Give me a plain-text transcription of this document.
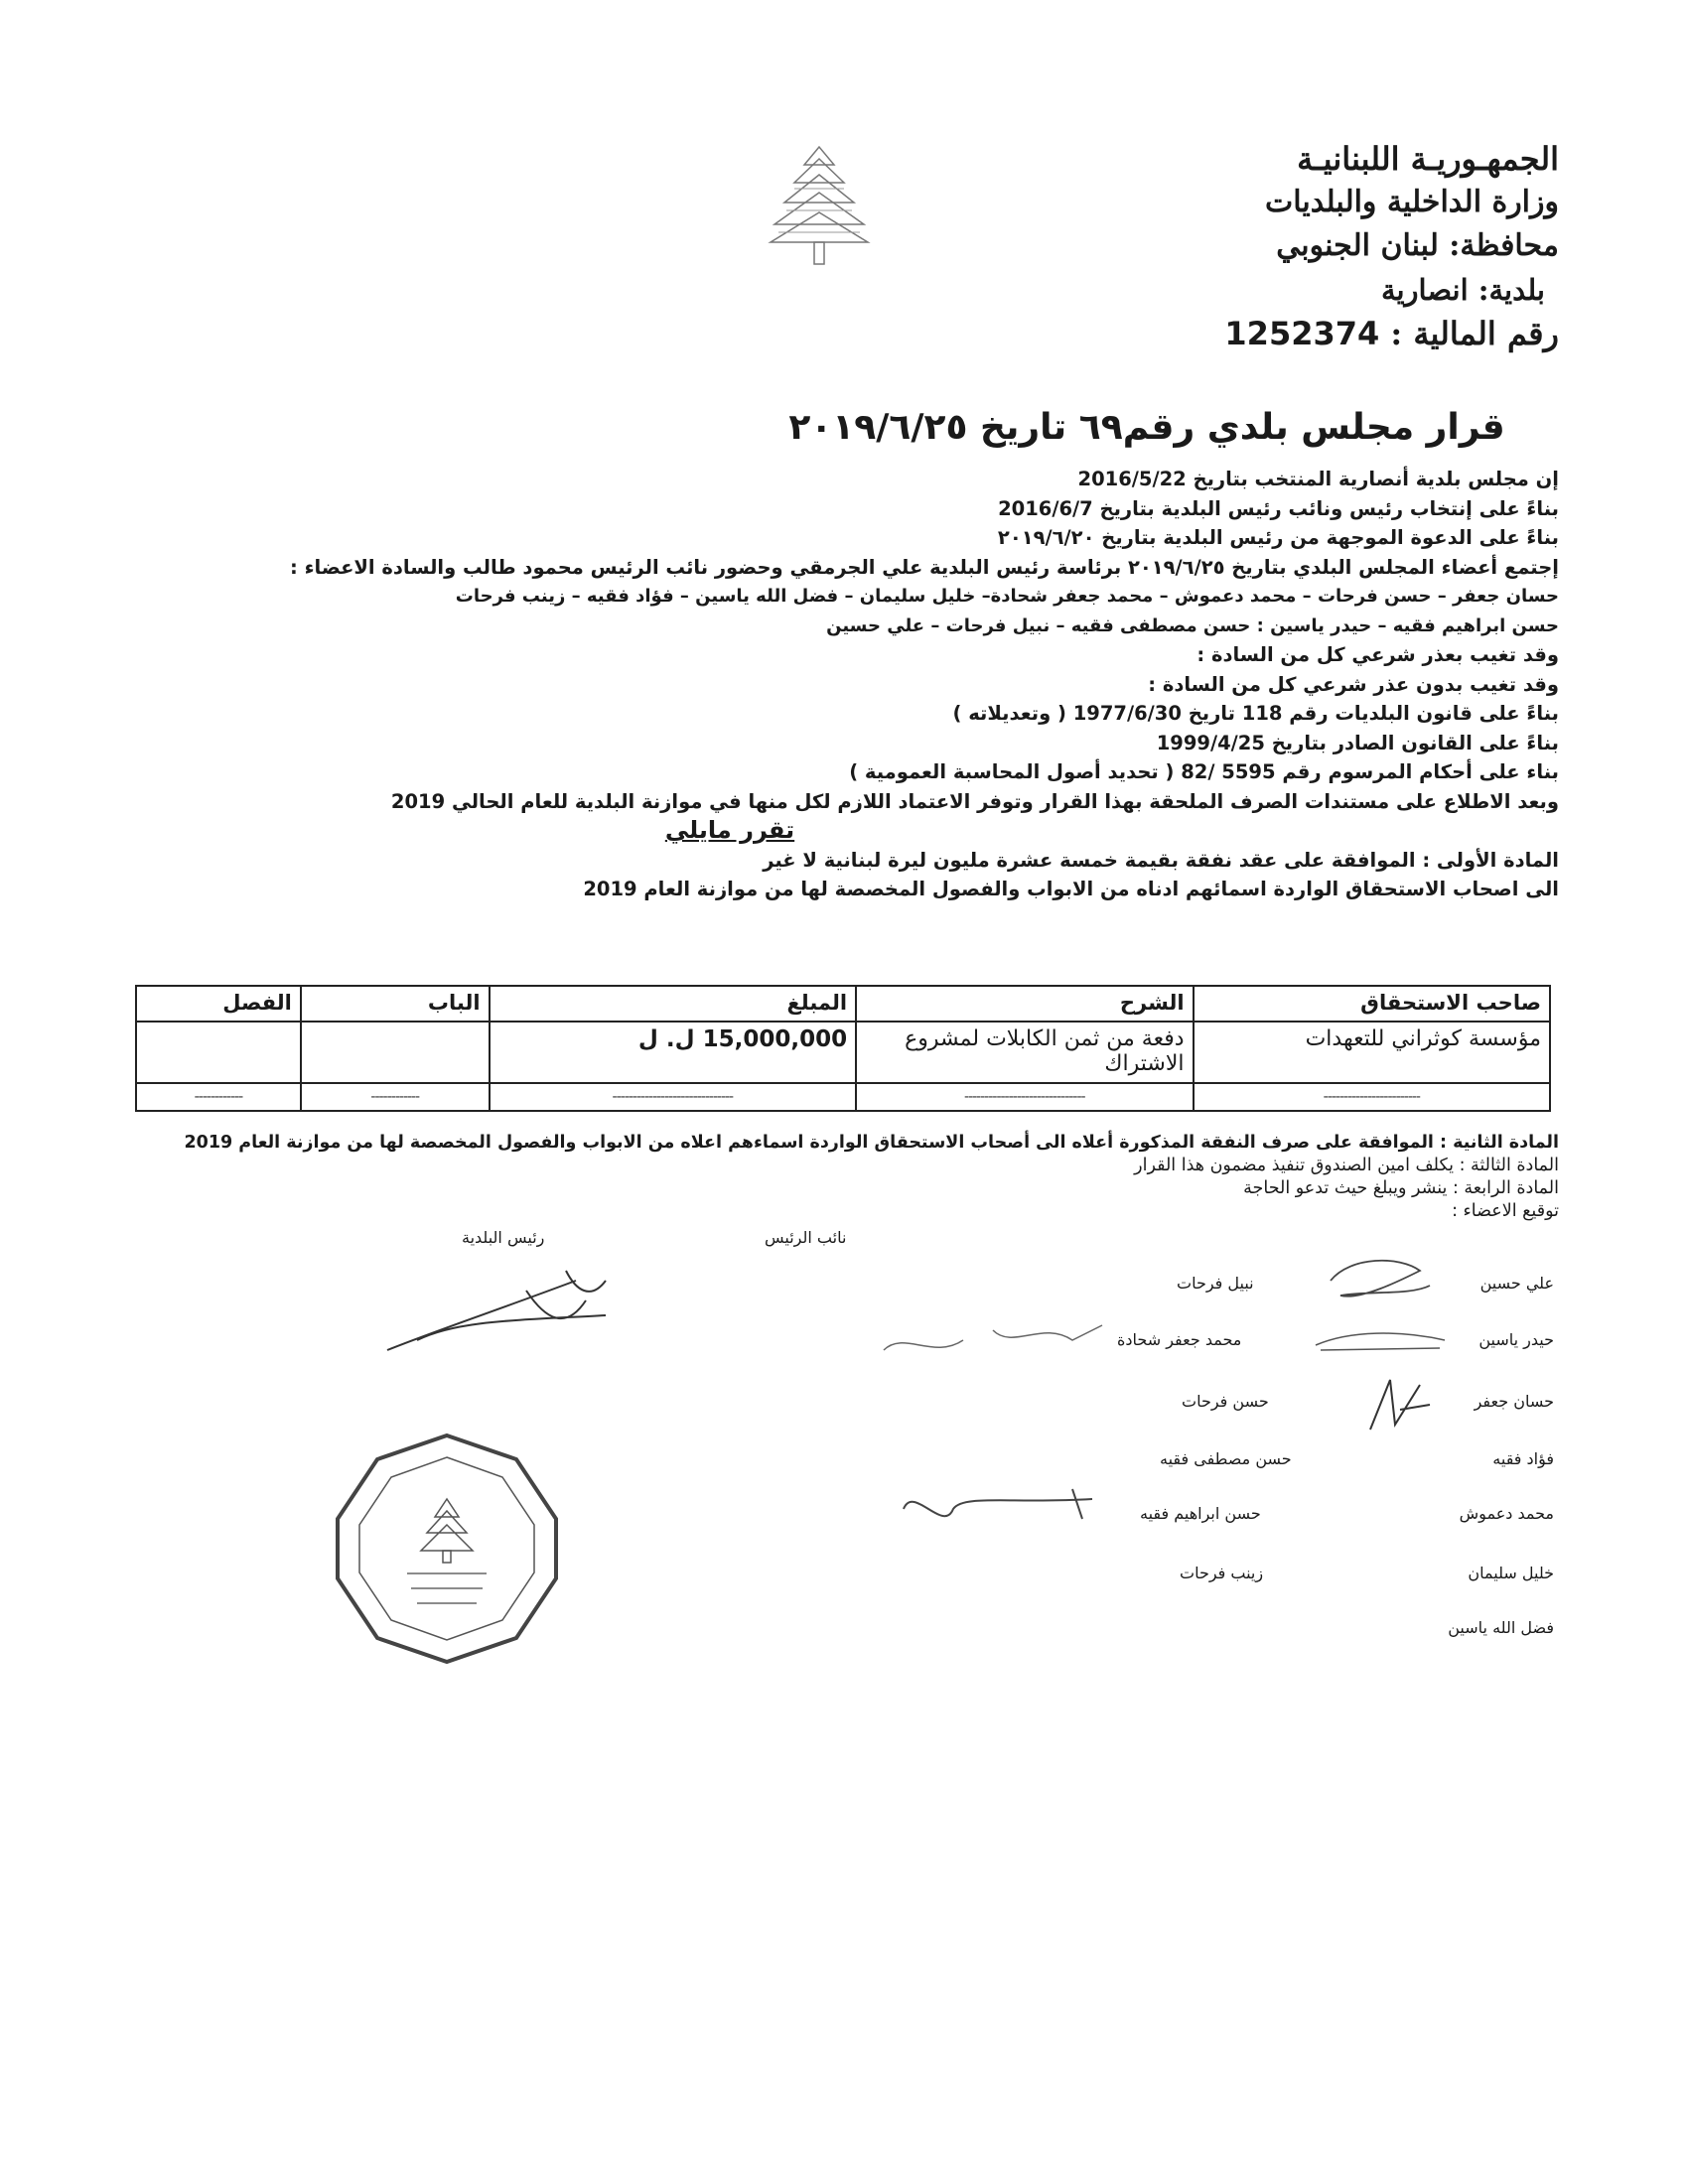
الجمهـوريـة اللبنانيـة
وزارة الداخلية والبلديات
محافظة: لبنان الجنوبي
بلدية: انصارية
رقم المالية : 1252374
قرار مجلس بلدي رقم٦٩ تاريخ ٢٠١٩/٦/٢٥
إن مجلس بلدية أنصارية المنتخب بتاريخ 2016/5/22
بناءً على إنتخاب رئيس ونائب رئيس البلدية بتاريخ 2016/6/7
بناءً على الدعوة الموجهة من رئيس البلدية بتاريخ ٢٠١٩/٦/٢٠
إجتمع أعضاء المجلس البلدي بتاريخ ٢٠١٩/٦/٢٥ برئاسة رئيس البلدية علي الجرمقي وحضور نائب الرئيس محمود طالب والسادة الاعضاء :
حسان جعفر – حسن فرحات – محمد دعموش – محمد جعفر شحادة– خليل سليمان – فضل الله ياسين – فؤاد فقيه – زينب فرحات
حسن ابراهيم فقيه – حيدر ياسين : حسن مصطفى فقيه – نبيل فرحات – علي حسين
وقد تغيب بعذر شرعي كل من السادة :
وقد تغيب بدون عذر شرعي كل من السادة :
بناءً على قانون البلديات رقم 118 تاريخ 1977/6/30 ( وتعديلاته )
بناءً على القانون الصادر بتاريخ 1999/4/25
بناء على أحكام المرسوم رقم 5595 /82 ( تحديد أصول المحاسبة العمومية )
وبعد الاطلاع على مستندات الصرف الملحقة بهذا القرار وتوفر الاعتماد اللازم لكل منها في موازنة البلدية للعام الحالي 2019
تقرر مايلي
المادة الأولى : الموافقة على عقد نفقة بقيمة خمسة عشرة مليون ليرة لبنانية لا غير
الى اصحاب الاستحقاق الواردة اسمائهم ادناه من الابواب والفصول المخصصة لها من موازنة العام 2019
صاحب الاستحقاق	الشرح	المبلغ	الباب	الفصل
مؤسسة كوثراني للتعهدات	دفعة من ثمن الكابلات لمشروع الاشتراك	15,000,000 ل. ل		
------------------------	------------------------------	------------------------------	------------	------------
المادة الثانية : الموافقة على صرف النفقة المذكورة أعلاه الى أصحاب الاستحقاق الواردة اسماءهم اعلاه من الابواب والفصول المخصصة لها من موازنة العام 2019
المادة الثالثة : يكلف امين الصندوق تنفيذ مضمون هذا القرار
المادة الرابعة : ينشر ويبلغ حيث تدعو الحاجة
توقيع الاعضاء :
نائب الرئيس
رئيس البلدية
علي حسين
حيدر ياسين
حسان جعفر
فؤاد فقيه
محمد دعموش
خليل سليمان
فضل الله ياسين
نبيل فرحات
محمد جعفر شحادة
حسن فرحات
حسن مصطفى فقيه
حسن ابراهيم فقيه
زينب فرحات
